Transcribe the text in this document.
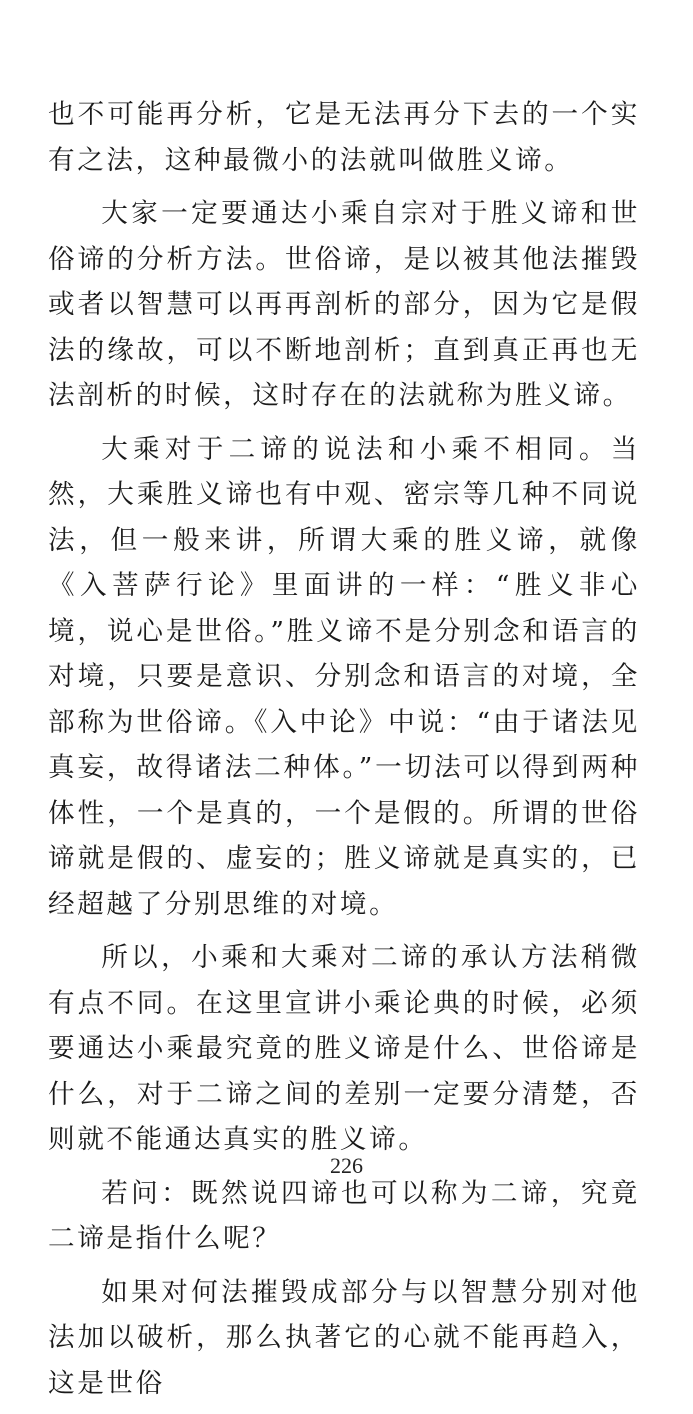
也不可能再分析，它是无法再分下去的一个实有之法，这种最微小的法就叫做胜义谛。

大家一定要通达小乘自宗对于胜义谛和世俗谛的分析方法。世俗谛，是以被其他法摧毁或者以智慧可以再再剖析的部分，因为它是假法的缘故，可以不断地剖析；直到真正再也无法剖析的时候，这时存在的法就称为胜义谛。

大乘对于二谛的说法和小乘不相同。当然，大乘胜义谛也有中观、密宗等几种不同说法，但一般来讲，所谓大乘的胜义谛，就像《入菩萨行论》里面讲的一样：“胜义非心境，说心是世俗。”胜义谛不是分别念和语言的对境，只要是意识、分别念和语言的对境，全部称为世俗谛。《入中论》中说：“由于诸法见真妄，故得诸法二种体。”一切法可以得到两种体性，一个是真的，一个是假的。所谓的世俗谛就是假的、虚妄的；胜义谛就是真实的，已经超越了分别思维的对境。

所以，小乘和大乘对二谛的承认方法稍微有点不同。在这里宣讲小乘论典的时候，必须要通达小乘最究竟的胜义谛是什么、世俗谛是什么，对于二谛之间的差别一定要分清楚，否则就不能通达真实的胜义谛。

若问：既然说四谛也可以称为二谛，究竟二谛是指什么呢？

如果对何法摧毁成部分与以智慧分别对他法加以破析，那么执著它的心就不能再趋入，这是世俗

226
